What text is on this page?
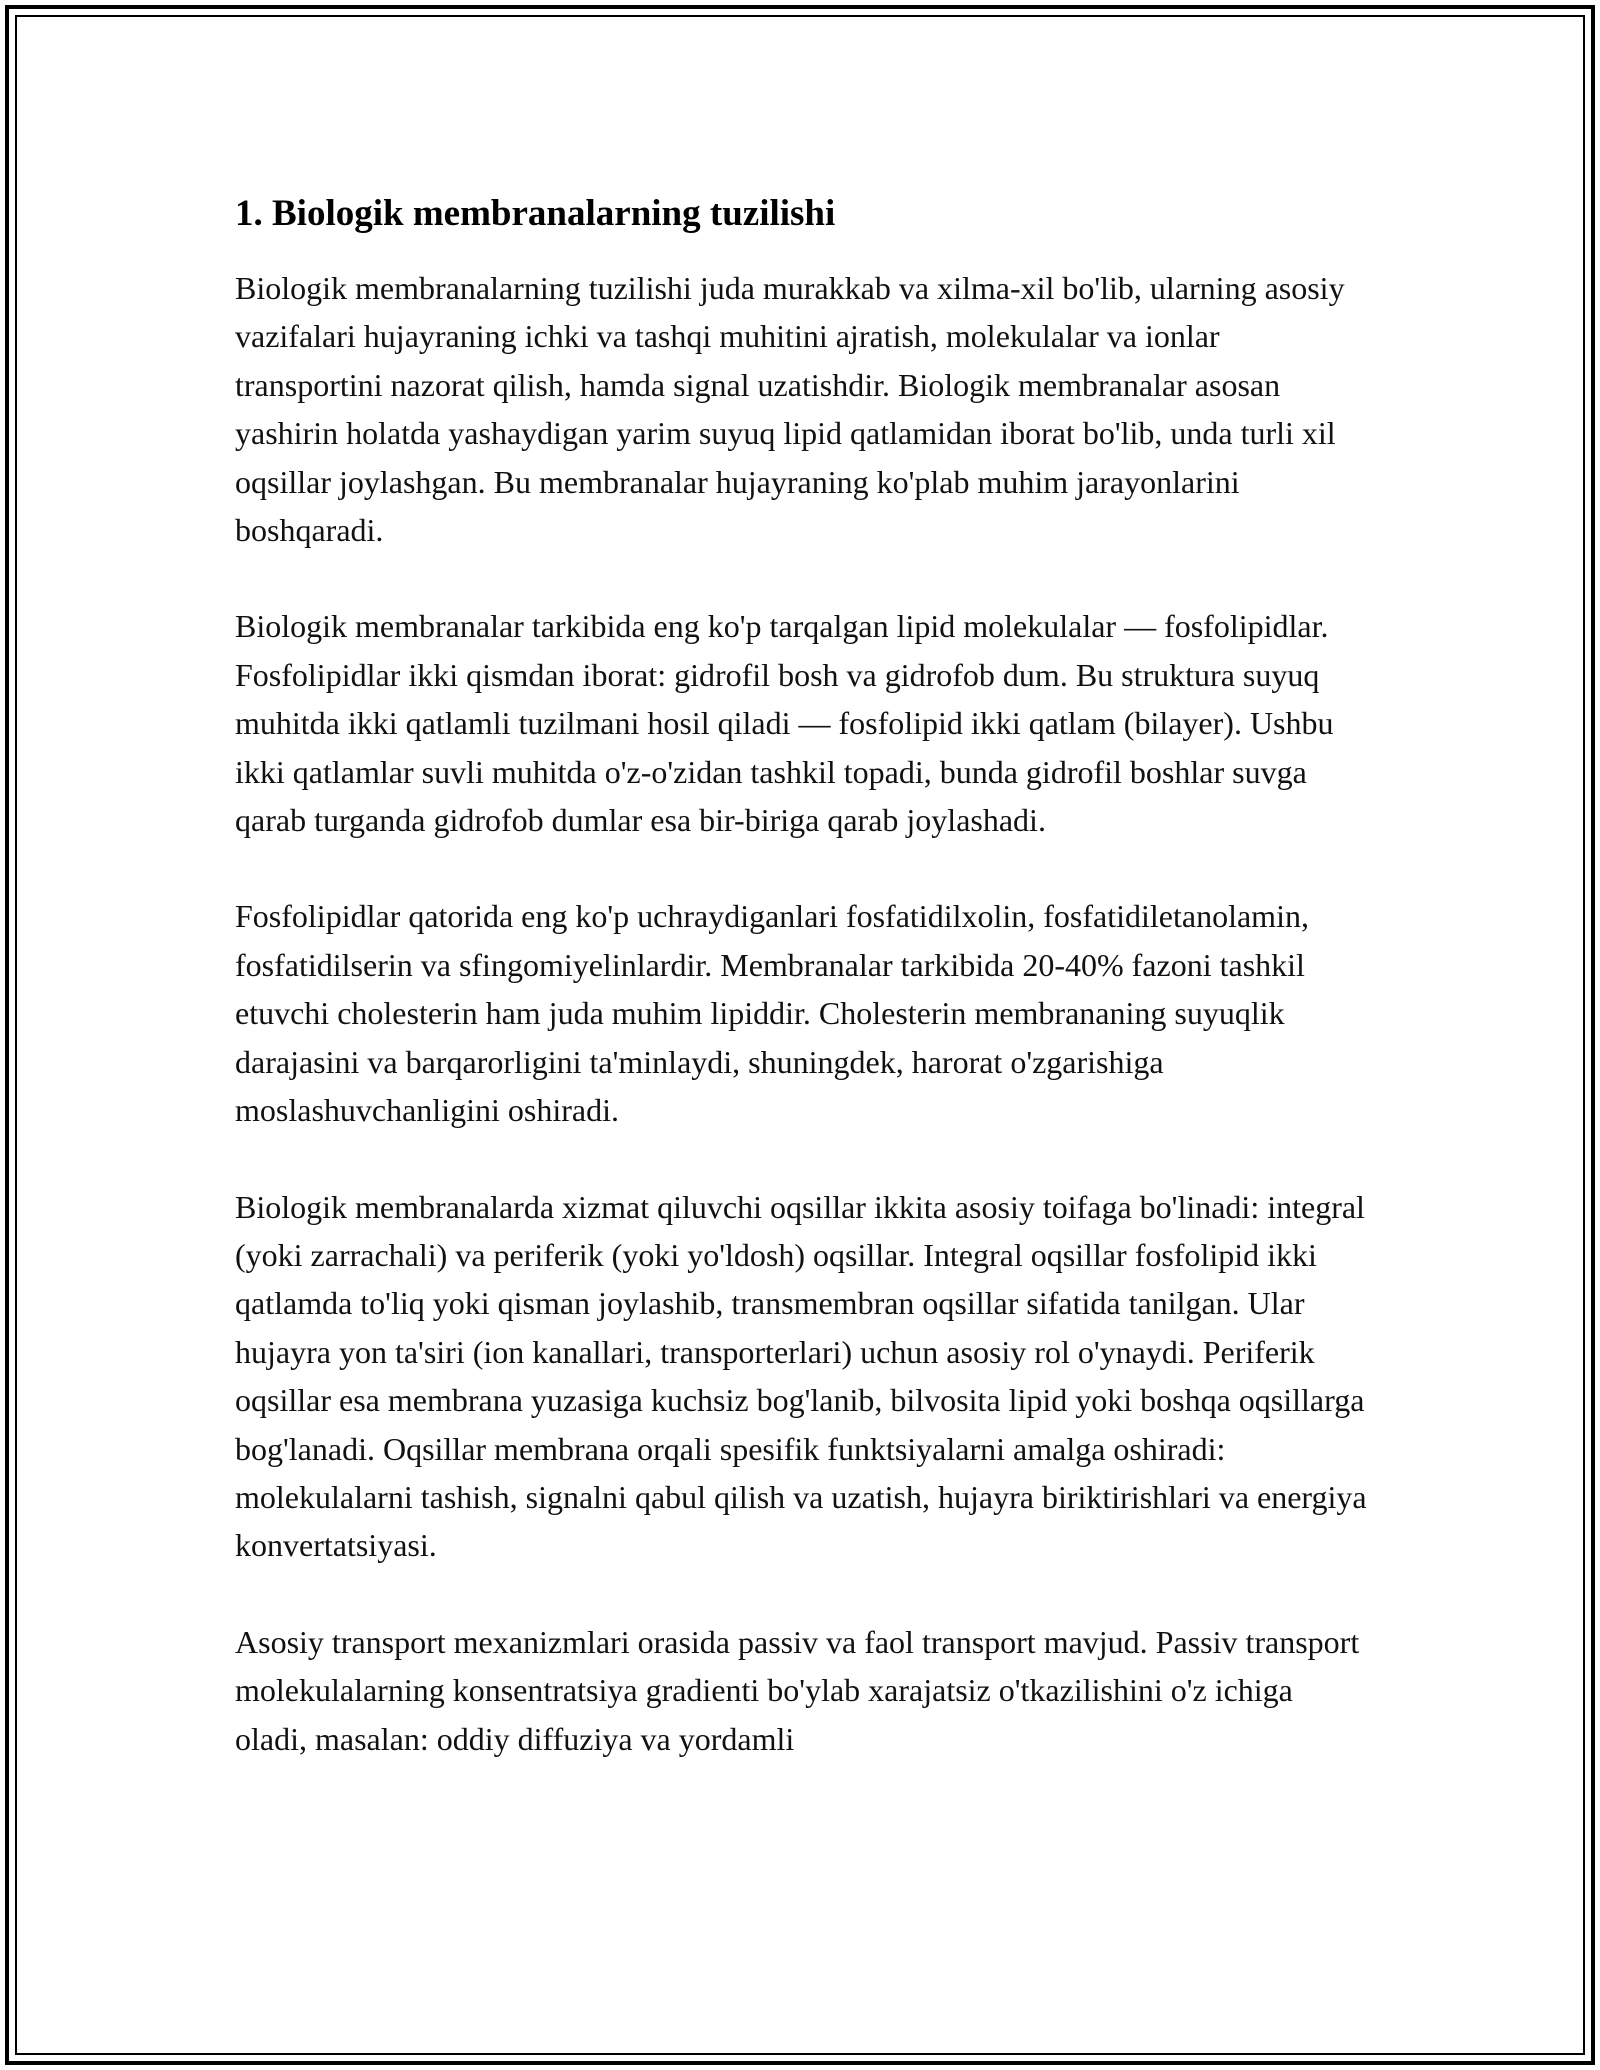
1. Biologik membranalarning tuzilishi

Biologik membranalarning tuzilishi juda murakkab va xilma-xil bo'lib, ularning asosiy vazifalari hujayraning ichki va tashqi muhitini ajratish, molekulalar va ionlar transportini nazorat qilish, hamda signal uzatishdir. Biologik membranalar asosan yashirin holatda yashaydigan yarim suyuq lipid qatlamidan iborat bo'lib, unda turli xil oqsillar joylashgan. Bu membranalar hujayraning ko'plab muhim jarayonlarini boshqaradi.

Biologik membranalar tarkibida eng ko'p tarqalgan lipid molekulalar — fosfolipidlar. Fosfolipidlar ikki qismdan iborat: gidrofil bosh va gidrofob dum. Bu struktura suyuq muhitda ikki qatlamli tuzilmani hosil qiladi — fosfolipid ikki qatlam (bilayer). Ushbu ikki qatlamlar suvli muhitda o'z-o'zidan tashkil topadi, bunda gidrofil boshlar suvga qarab turganda gidrofob dumlar esa bir-biriga qarab joylashadi.

Fosfolipidlar qatorida eng ko'p uchraydiganlari fosfatidilxolin, fosfatidiletanolamin, fosfatidilserin va sfingomiyelinlardir. Membranalar tarkibida 20-40% fazoni tashkil etuvchi cholesterin ham juda muhim lipiddir. Cholesterin membrananing suyuqlik darajasini va barqarorligini ta'minlaydi, shuningdek, harorat o'zgarishiga moslashuvchanligini oshiradi.

Biologik membranalarda xizmat qiluvchi oqsillar ikkita asosiy toifaga bo'linadi: integral (yoki zarrachali) va periferik (yoki yo'ldosh) oqsillar. Integral oqsillar fosfolipid ikki qatlamda to'liq yoki qisman joylashib, transmembran oqsillar sifatida tanilgan. Ular hujayra yon ta'siri (ion kanallari, transporterlari) uchun asosiy rol o'ynaydi. Periferik oqsillar esa membrana yuzasiga kuchsiz bog'lanib, bilvosita lipid yoki boshqa oqsillarga bog'lanadi. Oqsillar membrana orqali spesifik funktsiyalarni amalga oshiradi: molekulalarni tashish, signalni qabul qilish va uzatish, hujayra biriktirishlari va energiya konvertatsiyasi.

Asosiy transport mexanizmlari orasida passiv va faol transport mavjud. Passiv transport molekulalarning konsentratsiya gradienti bo'ylab xarajatsiz o'tkazilishini o'z ichiga oladi, masalan: oddiy diffuziya va yordamli
